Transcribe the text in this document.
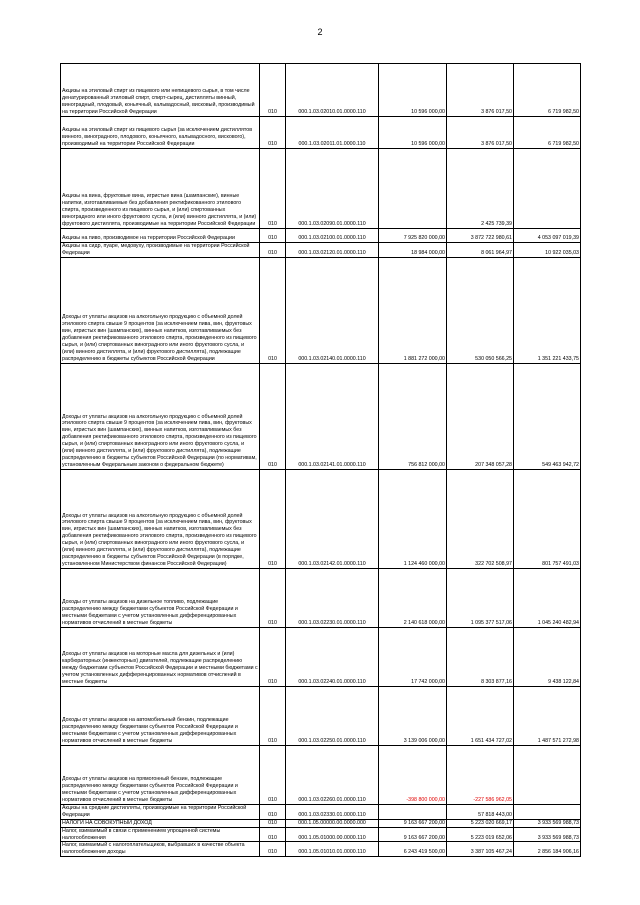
2
Акцизы на этиловый спирт из пищевого или непищевого сырья, в том числе денатурированный этиловый спирт, спирт-сырец, дистилляты винный, виноградный, плодовый, коньячный, кальвадосный, висковый, производимый на территории Российской Федерации	010	000.1.03.02010.01.0000.110	10 596 000,00	3 876 017,50	6 719 982,50
Акцизы на этиловый спирт из пищевого сырья (за исключением дистиллятов винного, виноградного, плодового, коньячного, кальвадосного, вискового), производимый на территории Российской Федерации	010	000.1.03.02011.01.0000.110	10 596 000,00	3 876 017,50	6 719 982,50
Акцизы на вина, фруктовые вина, игристые вина (шампанские), винные напитки, изготавливаемые без добавления ректификованного этилового спирта, произведенного из пищевого сырья, и (или) спиртованных виноградного или иного фруктового сусла, и (или) винного дистиллята, и (или) фруктового дистиллята, производимые на территории Российской Федерации	010	000.1.03.02090.01.0000.110		2 425 739,39	
Акцизы на пиво, производимое на территории Российской Федерации	010	000.1.03.02100.01.0000.110	7 925 820 000,00	3 872 722 980,61	4 053 097 019,39
Акцизы на сидр, пуаре, медовуху, производимые на территории Российской Федерации	010	000.1.03.02120.01.0000.110	18 984 000,00	8 061 964,97	10 922 035,03
Доходы от уплаты акцизов на алкогольную продукцию с объемной долей этилового спирта свыше 9 процентов (за исключением пива, вин, фруктовых вин, игристых вин (шампанских), винных напитков, изготавливаемых без добавления ректификованного этилового спирта, произведенного из пищевого сырья, и (или) спиртованных виноградного или иного фруктового сусла, и (или) винного дистиллята, и (или) фруктового дистиллята), подлежащие распределению в бюджеты субъектов Российской Федерации	010	000.1.03.02140.01.0000.110	1 881 272 000,00	530 050 566,25	1 351 221 433,75
Доходы от уплаты акцизов на алкогольную продукцию с объемной долей этилового спирта свыше 9 процентов (за исключением пива, вин, фруктовых вин, игристых вин (шампанских), винных напитков, изготавливаемых без добавления ректификованного этилового спирта, произведенного из пищевого сырья, и (или) спиртованных виноградного или иного фруктового сусла, и (или) винного дистиллята, и (или) фруктового дистиллята), подлежащие распределению в бюджеты субъектов Российской Федерации (по нормативам, установленным Федеральным законом о федеральном бюджете)	010	000.1.03.02141.01.0000.110	756 812 000,00	207 348 057,28	549 463 942,72
Доходы от уплаты акцизов на алкогольную продукцию с объемной долей этилового спирта свыше 9 процентов (за исключением пива, вин, фруктовых вин, игристых вин (шампанских), винных напитков, изготавливаемых без добавления ректификованного этилового спирта, произведенного из пищевого сырья, и (или) спиртованных виноградного или иного фруктового сусла, и (или) винного дистиллята, и (или) фруктового дистиллята), подлежащие распределению в бюджеты субъектов Российской Федерации (в порядке, установленном Министерством финансов Российской Федерации)	010	000.1.03.02142.01.0000.110	1 124 460 000,00	322 702 508,97	801 757 491,03
Доходы от уплаты акцизов на дизельное топливо, подлежащие распределению между бюджетами субъектов Российской Федерации и местными бюджетами с учетом установленных дифференцированных нормативов отчислений в местные бюджеты	010	000.1.03.02230.01.0000.110	2 140 618 000,00	1 095 377 517,06	1 045 240 482,94
Доходы от уплаты акцизов на моторные масла для дизельных и (или) карбюраторных (инжекторных) двигателей, подлежащие распределению между бюджетами субъектов Российской Федерации и местными бюджетами с учетом установленных дифференцированных нормативов отчислений в местные бюджеты	010	000.1.03.02240.01.0000.110	17 742 000,00	8 303 877,16	9 438 122,84
Доходы от уплаты акцизов на автомобильный бензин, подлежащие распределению между бюджетами субъектов Российской Федерации и местными бюджетами с учетом установленных дифференцированных нормативов отчислений в местные бюджеты	010	000.1.03.02250.01.0000.110	3 139 006 000,00	1 651 434 727,02	1 487 571 272,98
Доходы от уплаты акцизов на прямогонный бензин, подлежащие распределению между бюджетами субъектов Российской Федерации и местными бюджетами с учетом установленных дифференцированных нормативов отчислений в местные бюджеты	010	000.1.03.02260.01.0000.110	-398 800 000,00	-227 586 962,05	
Акцизы на средние дистилляты, производимые на территории Российской Федерации	010	000.1.03.02330.01.0000.110		57 818 443,00	
НАЛОГИ НА СОВОКУПНЫЙ ДОХОД	010	000.1.05.00000.00.0000.000	9 163 667 200,00	5 223 020 669,17	3 933 569 988,73
Налог, взимаемый в связи с применением упрощенной системы налогообложения	010	000.1.05.01000.00.0000.110	9 163 667 200,00	5 223 019 652,06	3 933 569 988,73
Налог, взимаемый с налогоплательщиков, выбравших в качестве объекта налогообложения доходы	010	000.1.05.01010.01.0000.110	6 243 419 500,00	3 387 105 467,24	2 856 184 906,16
